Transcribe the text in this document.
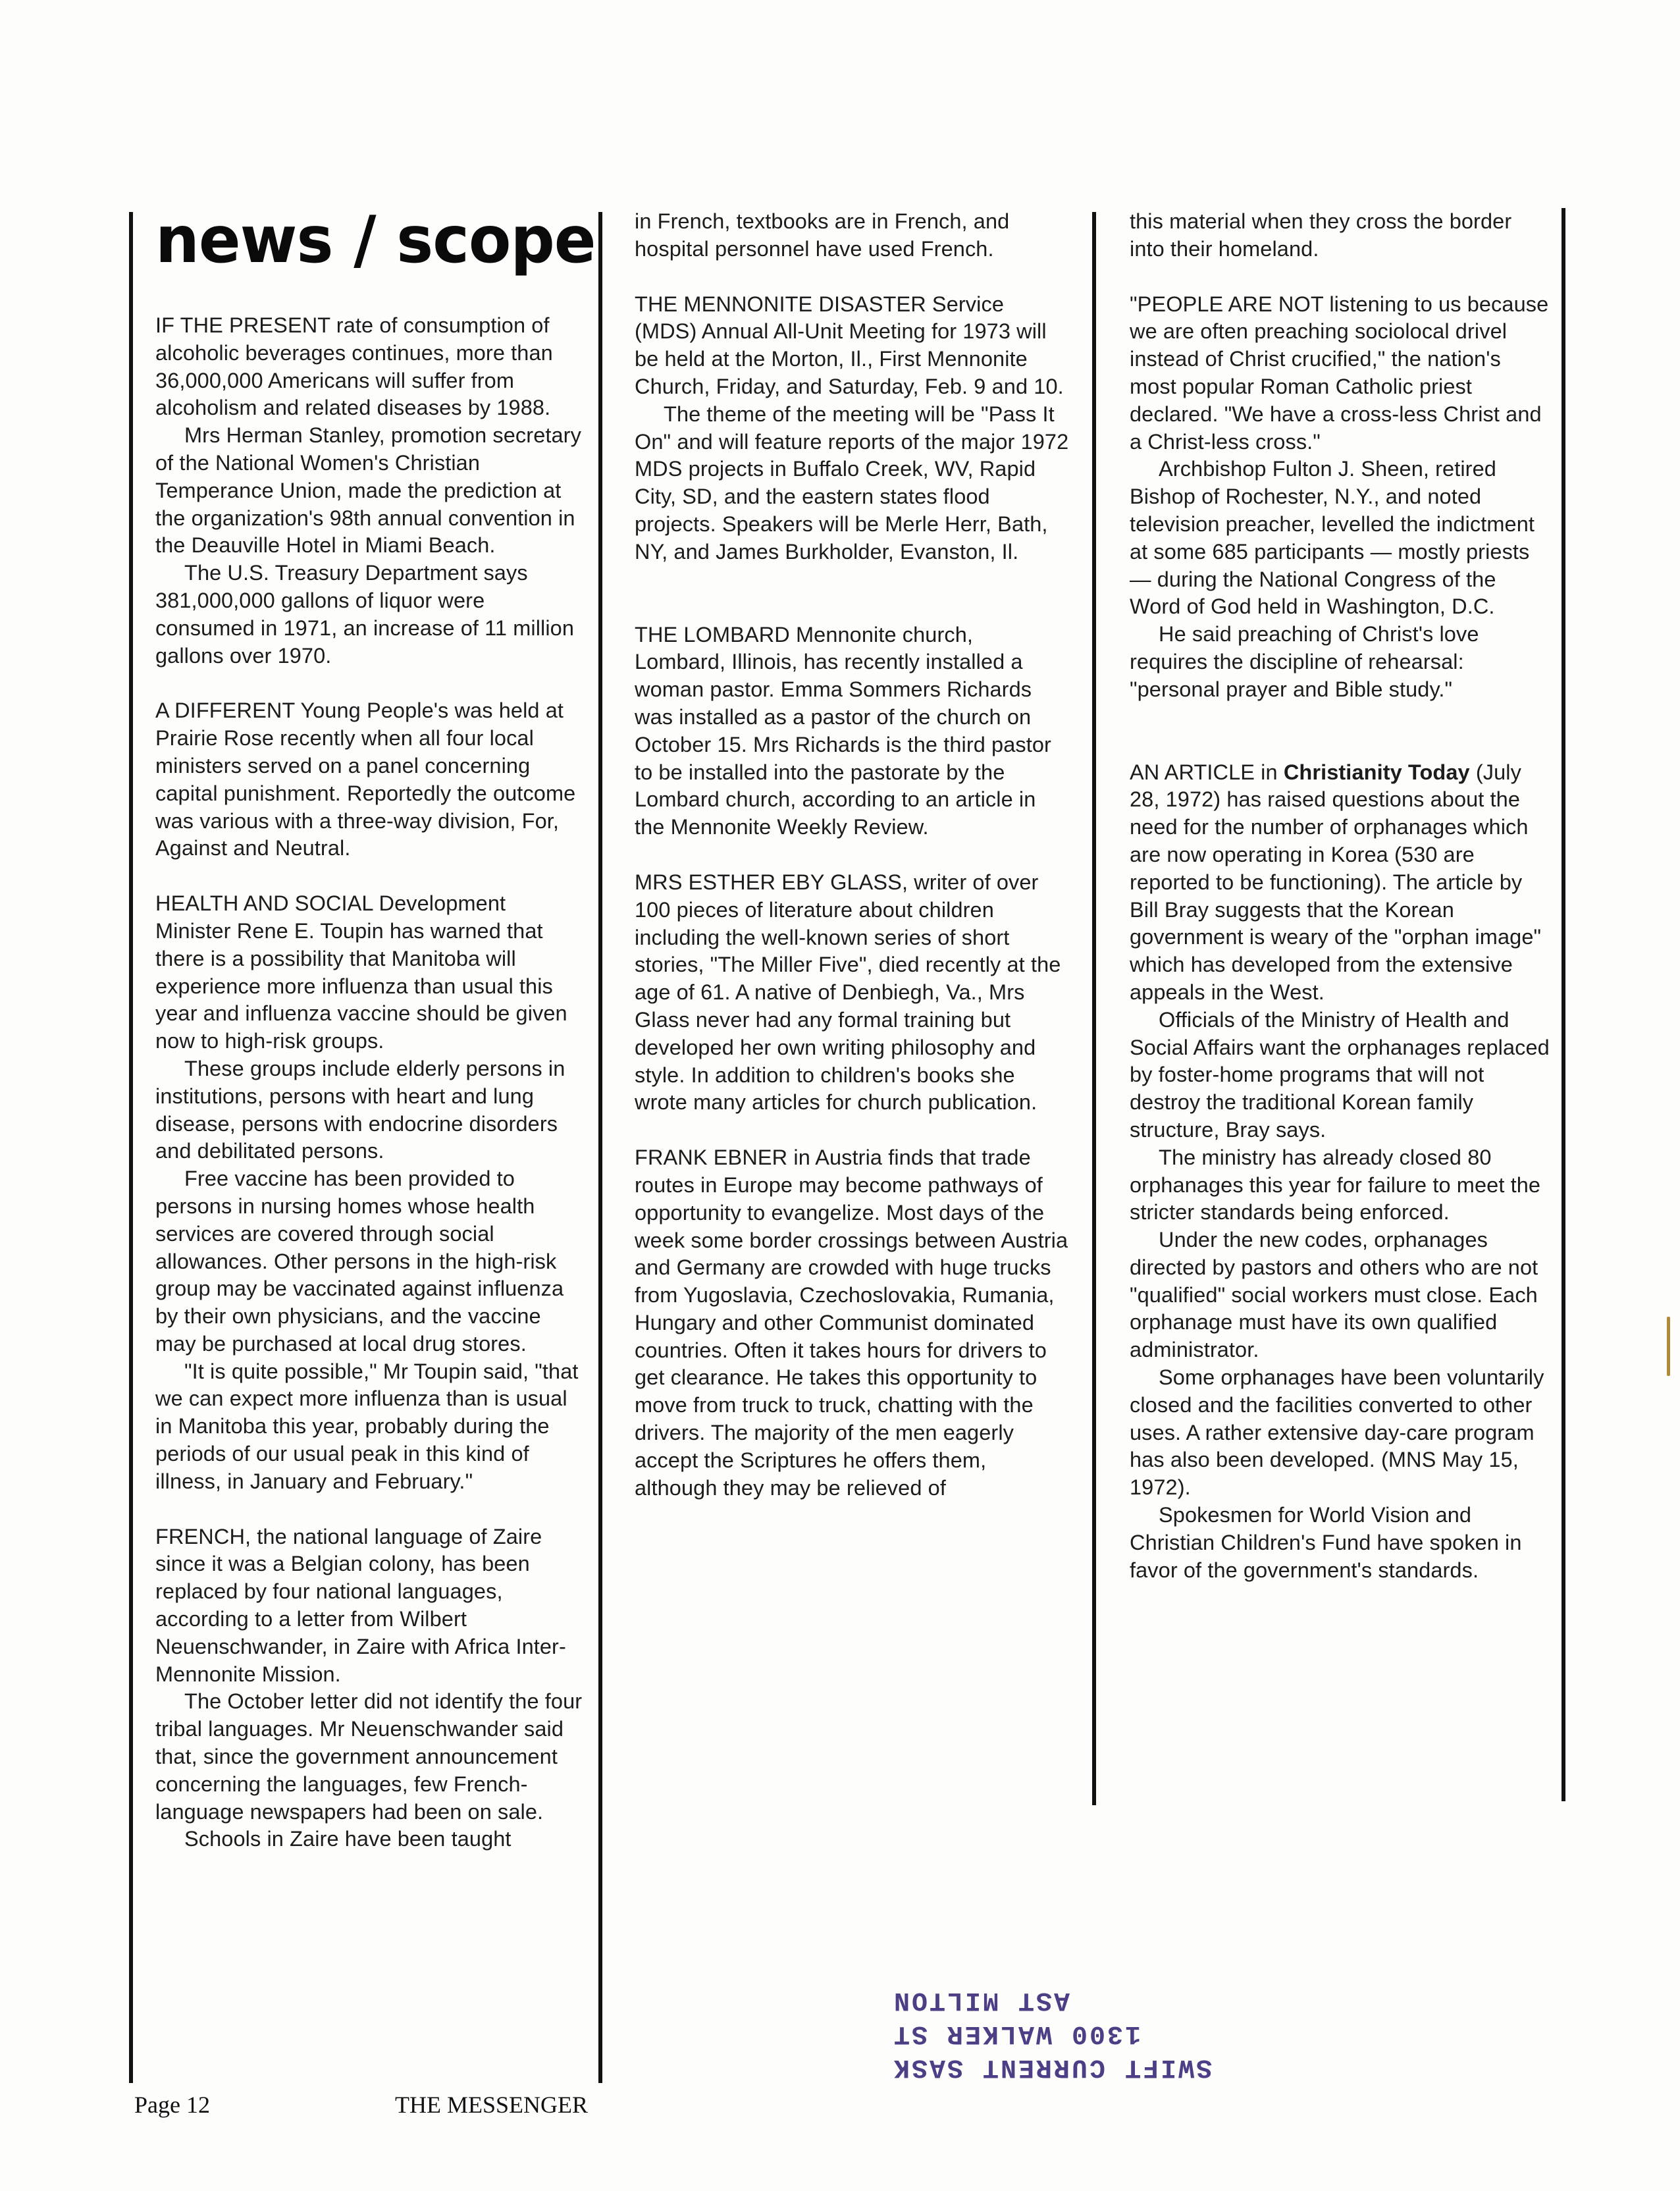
news / scope

IF THE PRESENT rate of consumption of alcoholic beverages continues, more than 36,000,000 Americans will suffer from alcoholism and related diseases by 1988.

Mrs Herman Stanley, promotion secretary of the National Women's Christian Temperance Union, made the prediction at the organization's 98th annual convention in the Deauville Hotel in Miami Beach.

The U.S. Treasury Department says 381,000,000 gallons of liquor were consumed in 1971, an increase of 11 million gallons over 1970.

A DIFFERENT Young People's was held at Prairie Rose recently when all four local ministers served on a panel concerning capital punishment. Reportedly the outcome was various with a three-way division, For, Against and Neutral.

HEALTH AND SOCIAL Development Minister Rene E. Toupin has warned that there is a possibility that Manitoba will experience more influenza than usual this year and influenza vaccine should be given now to high-risk groups.

These groups include elderly persons in institutions, persons with heart and lung disease, persons with endocrine disorders and debilitated persons.

Free vaccine has been provided to persons in nursing homes whose health services are covered through social allowances. Other persons in the high-risk group may be vaccinated against influenza by their own physicians, and the vaccine may be purchased at local drug stores.

"It is quite possible," Mr Toupin said, "that we can expect more influenza than is usual in Manitoba this year, probably during the periods of our usual peak in this kind of illness, in January and February."

FRENCH, the national language of Zaire since it was a Belgian colony, has been replaced by four national languages, according to a letter from Wilbert Neuenschwander, in Zaire with Africa Inter-Mennonite Mission.

The October letter did not identify the four tribal languages. Mr Neuenschwander said that, since the government announcement concerning the languages, few French-language newspapers had been on sale.

Schools in Zaire have been taught

in French, textbooks are in French, and hospital personnel have used French.

THE MENNONITE DISASTER Service (MDS) Annual All-Unit Meeting for 1973 will be held at the Morton, Il., First Mennonite Church, Friday, and Saturday, Feb. 9 and 10.

The theme of the meeting will be "Pass It On" and will feature reports of the major 1972 MDS projects in Buffalo Creek, WV, Rapid City, SD, and the eastern states flood projects. Speakers will be Merle Herr, Bath, NY, and James Burkholder, Evanston, Il.

THE LOMBARD Mennonite church, Lombard, Illinois, has recently installed a woman pastor. Emma Sommers Richards was installed as a pastor of the church on October 15. Mrs Richards is the third pastor to be installed into the pastorate by the Lombard church, according to an article in the Mennonite Weekly Review.

MRS ESTHER EBY GLASS, writer of over 100 pieces of literature about children including the well-known series of short stories, "The Miller Five", died recently at the age of 61. A native of Denbiegh, Va., Mrs Glass never had any formal training but developed her own writing philosophy and style. In addition to children's books she wrote many articles for church publication.

FRANK EBNER in Austria finds that trade routes in Europe may become pathways of opportunity to evangelize. Most days of the week some border crossings between Austria and Germany are crowded with huge trucks from Yugoslavia, Czechoslovakia, Rumania, Hungary and other Communist dominated countries. Often it takes hours for drivers to get clearance. He takes this opportunity to move from truck to truck, chatting with the drivers. The majority of the men eagerly accept the Scriptures he offers them, although they may be relieved of

this material when they cross the border into their homeland.

"PEOPLE ARE NOT listening to us because we are often preaching sociolocal drivel instead of Christ crucified," the nation's most popular Roman Catholic priest declared. "We have a cross-less Christ and a Christ-less cross."

Archbishop Fulton J. Sheen, retired Bishop of Rochester, N.Y., and noted television preacher, levelled the indictment at some 685 participants — mostly priests — during the National Congress of the Word of God held in Washington, D.C.

He said preaching of Christ's love requires the discipline of rehearsal: "personal prayer and Bible study."

AN ARTICLE in Christianity Today (July 28, 1972) has raised questions about the need for the number of orphanages which are now operating in Korea (530 are reported to be functioning). The article by Bill Bray suggests that the Korean government is weary of the "orphan image" which has developed from the extensive appeals in the West.

Officials of the Ministry of Health and Social Affairs want the orphanages replaced by foster-home programs that will not destroy the traditional Korean family structure, Bray says.

The ministry has already closed 80 orphanages this year for failure to meet the stricter standards being enforced.

Under the new codes, orphanages directed by pastors and others who are not "qualified" social workers must close. Each orphanage must have its own qualified administrator.

Some orphanages have been voluntarily closed and the facilities converted to other uses. A rather extensive day-care program has also been developed. (MNS May 15, 1972).

Spokesmen for World Vision and Christian Children's Fund have spoken in favor of the government's standards.

Page 12	THE MESSENGER
SWIFT CURRENT SASK
1300 WALKER ST
AST MILTON
